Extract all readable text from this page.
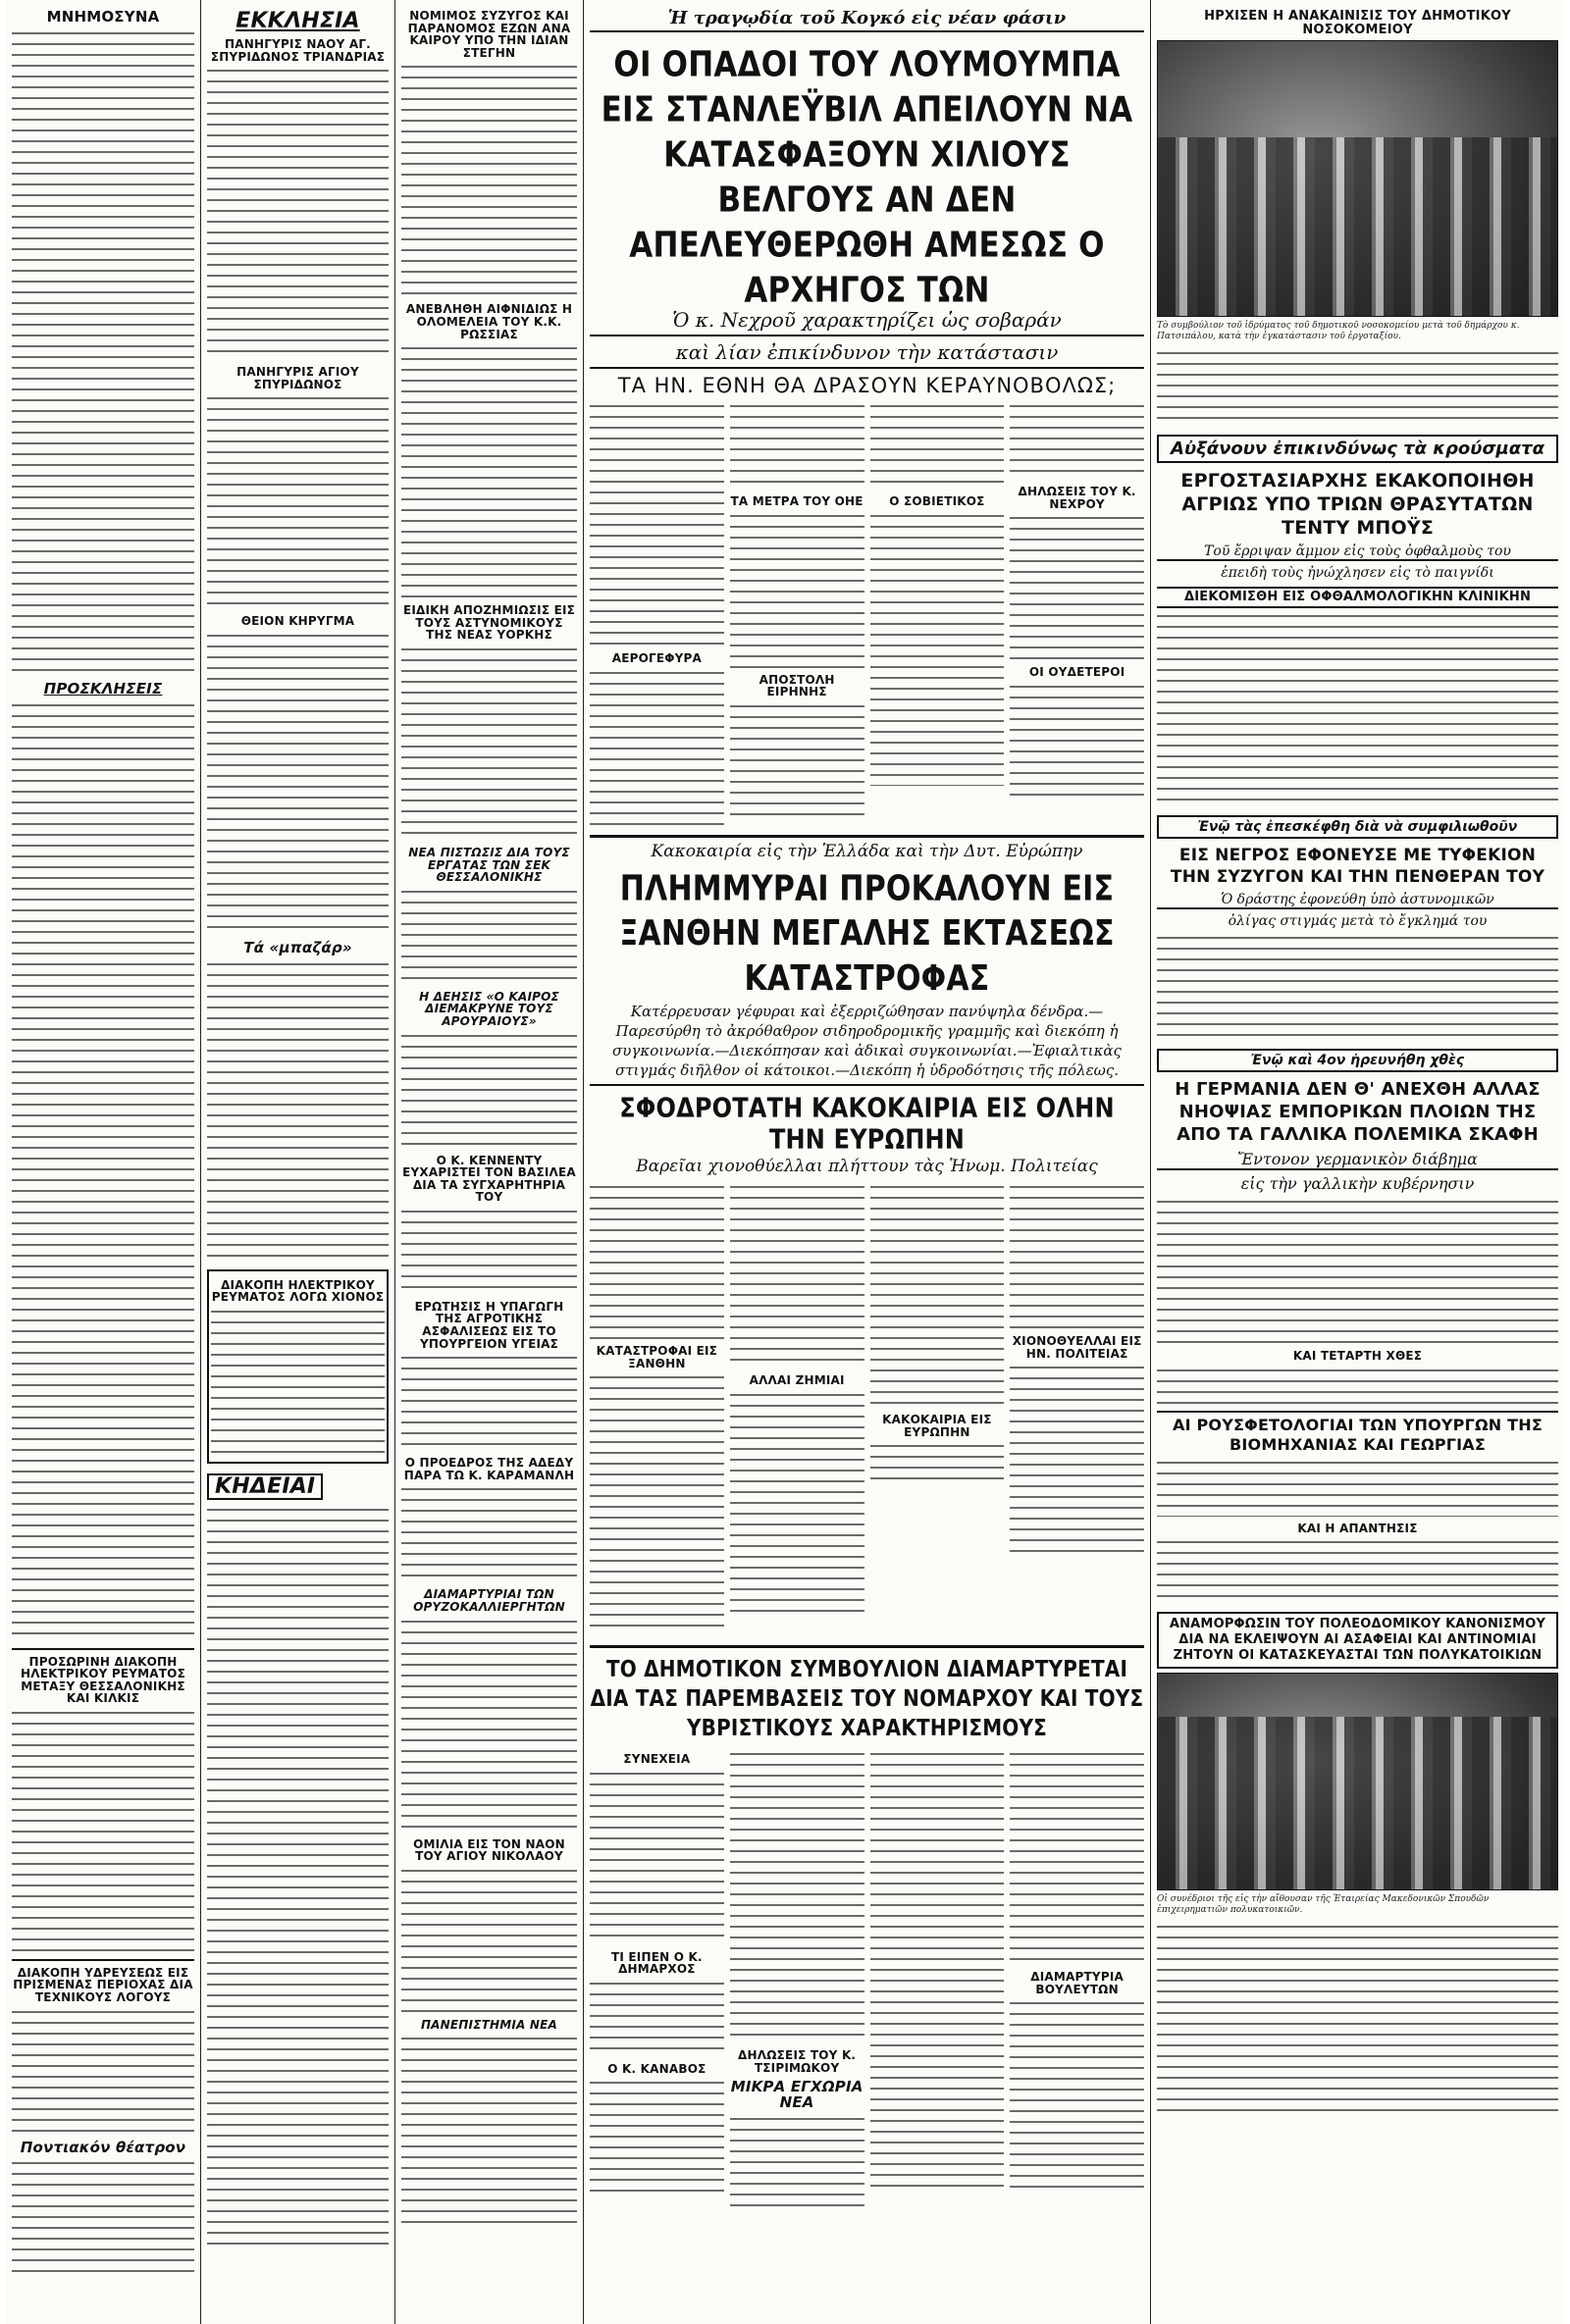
ΜΝΗΜΟΣΥΝΑ
ΠΡΟΣΚΛΗΣΕΙΣ
ΠΡΟΣΩΡΙΝΗ ΔΙΑΚΟΠΗ ΗΛΕΚΤΡΙΚΟΥ ΡΕΥΜΑΤΟΣ ΜΕΤΑΞΥ ΘΕΣΣΑΛΟΝΙΚΗΣ ΚΑΙ ΚΙΛΚΙΣ
ΔΙΑΚΟΠΗ ΥΔΡΕΥΣΕΩΣ ΕΙΣ ΠΡΙΣΜΕΝΑΣ ΠΕΡΙΟΧΑΣ ΔΙΑ ΤΕΧΝΙΚΟΥΣ ΛΟΓΟΥΣ
Ποντιακόν θέατρον
ΕΚΚΛΗΣΙΑ
ΠΑΝΗΓΥΡΙΣ ΝΑΟΥ ΑΓ. ΣΠΥΡΙΔΩΝΟΣ ΤΡΙΑΝΔΡΙΑΣ
ΠΑΝΗΓΥΡΙΣ ΑΓΙΟΥ ΣΠΥΡΙΔΩΝΟΣ
ΘΕΙΟΝ ΚΗΡΥΓΜΑ
Τά «μπαζάρ»
ΔΙΑΚΟΠΗ ΗΛΕΚΤΡΙΚΟΥ ΡΕΥΜΑΤΟΣ ΛΟΓΩ ΧΙΟΝΟΣ
ΚΗΔΕΙΑΙ
ΝΟΜΙΜΟΣ ΣΥΖΥΓΟΣ ΚΑΙ ΠΑΡΑΝΟΜΟΣ ΕΖΩΝ ΑΝΑ ΚΑΙΡΟΥ ΥΠΟ ΤΗΝ ΙΔΙΑΝ ΣΤΕΓΗΝ
ΑΝΕΒΛΗΘΗ ΑΙΦΝΙΔΙΩΣ Η ΟΛΟΜΕΛΕΙΑ ΤΟΥ Κ.Κ. ΡΩΣΣΙΑΣ
ΕΙΔΙΚΗ ΑΠΟΖΗΜΙΩΣΙΣ ΕΙΣ ΤΟΥΣ ΑΣΤΥΝΟΜΙΚΟΥΣ ΤΗΣ ΝΕΑΣ ΥΟΡΚΗΣ
ΝΕΑ ΠΙΣΤΩΣΙΣ ΔΙΑ ΤΟΥΣ ΕΡΓΑΤΑΣ ΤΩΝ ΣΕΚ ΘΕΣΣΑΛΟΝΙΚΗΣ
Η ΔΕΗΣΙΣ «Ο ΚΑΙΡΟΣ ΔΙΕΜΑΚΡΥΝΕ ΤΟΥΣ ΑΡΟΥΡΑΙΟΥΣ»
Ο Κ. ΚΕΝΝΕΝΤΥ ΕΥΧΑΡΙΣΤΕΙ ΤΟΝ ΒΑΣΙΛΕΑ ΔΙΑ ΤΑ ΣΥΓΧΑΡΗΤΗΡΙΑ ΤΟΥ
ΕΡΩΤΗΣΙΣ Η ΥΠΑΓΩΓΗ ΤΗΣ ΑΓΡΟΤΙΚΗΣ ΑΣΦΑΛΙΣΕΩΣ ΕΙΣ ΤΟ ΥΠΟΥΡΓΕΙΟΝ ΥΓΕΙΑΣ
Ο ΠΡΟΕΔΡΟΣ ΤΗΣ ΑΔΕΔΥ ΠΑΡΑ ΤΩ Κ. ΚΑΡΑΜΑΝΛΗ
ΔΙΑΜΑΡΤΥΡΙΑΙ ΤΩΝ ΟΡΥΖΟΚΑΛΛΙΕΡΓΗΤΩΝ
ΟΜΙΛΙΑ ΕΙΣ ΤΟΝ ΝΑΟΝ ΤΟΥ ΑΓΙΟΥ ΝΙΚΟΛΑΟΥ
ΠΑΝΕΠΙΣΤΗΜΙΑ ΝΕΑ
Ἡ τραγῳδία τοῦ Κογκό εἰς νέαν φάσιν
ΟΙ ΟΠΑΔΟΙ ΤΟΥ ΛΟΥΜΟΥΜΠΑ ΕΙΣ ΣΤΑΝΛΕΫΒΙΛ ΑΠΕΙΛΟΥΝ ΝΑ ΚΑΤΑΣΦΑΞΟΥΝ ΧΙΛΙΟΥΣ ΒΕΛΓΟΥΣ ΑΝ ΔΕΝ ΑΠΕΛΕΥΘΕΡΩΘΗ ΑΜΕΣΩΣ Ο ΑΡΧΗΓΟΣ ΤΩΝ
Ὁ κ. Νεχροῦ χαρακτηρίζει ὡς σοβαράν
καὶ λίαν ἐπικίνδυνον τὴν κατάστασιν
ΤΑ ΗΝ. ΕΘΝΗ ΘΑ ΔΡΑΣΟΥΝ ΚΕΡΑΥΝΟΒΟΛΩΣ;
ΑΕΡΟΓΕΦΥΡΑ
ΤΑ ΜΕΤΡΑ ΤΟΥ ΟΗΕ
ΑΠΟΣΤΟΛΗ ΕΙΡΗΝΗΣ
Ο ΣΟΒΙΕΤΙΚΟΣ
ΔΗΛΩΣΕΙΣ ΤΟΥ Κ. ΝΕΧΡΟΥ
ΟΙ ΟΥΔΕΤΕΡΟΙ
Κακοκαιρία εἰς τὴν Ἑλλάδα καὶ τὴν Δυτ. Εὐρώπην
ΠΛΗΜΜΥΡΑΙ ΠΡΟΚΑΛΟΥΝ ΕΙΣ ΞΑΝΘΗΝ ΜΕΓΑΛΗΣ ΕΚΤΑΣΕΩΣ ΚΑΤΑΣΤΡΟΦΑΣ
Κατέρρευσαν γέφυραι καὶ ἐξερριζώθησαν πανύψηλα δένδρα.—Παρεσύρθη τὸ ἀκρόθαθρον σιδηροδρομικῆς γραμμῆς καὶ διεκόπη ἡ συγκοινωνία.—Διεκόπησαν καὶ ἀδικαὶ συγκοινωνίαι.—Ἐφιαλτικὰς στιγμάς διῆλθον οἱ κάτοικοι.—Διεκόπη ἡ ὑδροδότησις τῆς πόλεως.
ΣΦΟΔΡΟΤΑΤΗ ΚΑΚΟΚΑΙΡΙΑ ΕΙΣ ΟΛΗΝ ΤΗΝ ΕΥΡΩΠΗΝ
Βαρεῖαι χιονοθύελλαι πλήττουν τὰς Ἡνωμ. Πολιτείας
ΚΑΤΑΣΤΡΟΦΑΙ ΕΙΣ ΞΑΝΘΗΝ
ΑΛΛΑΙ ΖΗΜΙΑΙ
ΚΑΚΟΚΑΙΡΙΑ ΕΙΣ ΕΥΡΩΠΗΝ
ΧΙΟΝΟΘΥΕΛΛΑΙ ΕΙΣ ΗΝ. ΠΟΛΙΤΕΙΑΣ
ΤΟ ΔΗΜΟΤΙΚΟΝ ΣΥΜΒΟΥΛΙΟΝ ΔΙΑΜΑΡΤΥΡΕΤΑΙ ΔΙΑ ΤΑΣ ΠΑΡΕΜΒΑΣΕΙΣ ΤΟΥ ΝΟΜΑΡΧΟΥ ΚΑΙ ΤΟΥΣ ΥΒΡΙΣΤΙΚΟΥΣ ΧΑΡΑΚΤΗΡΙΣΜΟΥΣ
ΣΥΝΕΧΕΙΑ
ΤΙ ΕΙΠΕΝ Ο Κ. ΔΗΜΑΡΧΟΣ
Ο Κ. ΚΑΝΑΒΟΣ
ΔΗΛΩΣΕΙΣ ΤΟΥ Κ. ΤΣΙΡΙΜΩΚΟΥ
ΜΙΚΡΑ ΕΓΧΩΡΙΑ ΝΕΑ
ΔΙΑΜΑΡΤΥΡΙΑ ΒΟΥΛΕΥΤΩΝ
ΗΡΧΙΣΕΝ Η ΑΝΑΚΑΙΝΙΣΙΣ ΤΟΥ ΔΗΜΟΤΙΚΟΥ ΝΟΣΟΚΟΜΕΙΟΥ
Τὸ συμβούλιον τοῦ ἱδρύματος τοῦ δημοτικοῦ νοσοκομείου μετὰ τοῦ δημάρχου κ. Πατσιπάλου, κατὰ τὴν ἐγκατάστασιν τοῦ ἐργοταξίου.
Αὐξάνουν ἐπικινδύνως τὰ κρούσματα
ΕΡΓΟΣΤΑΣΙΑΡΧΗΣ ΕΚΑΚΟΠΟΙΗΘΗ ΑΓΡΙΩΣ ΥΠΟ ΤΡΙΩΝ ΘΡΑΣΥΤΑΤΩΝ ΤΕΝΤΥ ΜΠΟΫΣ
Τοῦ ἔρριψαν ἄμμον εἰς τοὺς ὀφθαλμοὺς του
ἐπειδὴ τοὺς ἠνώχλησεν εἰς τὸ παιγνίδι
ΔΙΕΚΟΜΙΣΘΗ ΕΙΣ ΟΦΘΑΛΜΟΛΟΓΙΚΗΝ ΚΛΙΝΙΚΗΝ
Ἐνῷ τὰς ἐπεσκέφθη διὰ νὰ συμφιλιωθοῦν
ΕΙΣ ΝΕΓΡΟΣ ΕΦΟΝΕΥΣΕ ΜΕ ΤΥΦΕΚΙΟΝ ΤΗΝ ΣΥΖΥΓΟΝ ΚΑΙ ΤΗΝ ΠΕΝΘΕΡΑΝ ΤΟΥ
Ὁ δράστης ἐφονεύθη ὑπὸ ἀστυνομικῶν
ὀλίγας στιγμάς μετὰ τὸ ἔγκλημά του
Ἐνῷ καὶ 4ον ἠρευνήθη χθὲς
Η ΓΕΡΜΑΝΙΑ ΔΕΝ Θ' ΑΝΕΧΘΗ ΑΛΛΑΣ ΝΗΟΨΙΑΣ ΕΜΠΟΡΙΚΩΝ ΠΛΟΙΩΝ ΤΗΣ ΑΠΟ ΤΑ ΓΑΛΛΙΚΑ ΠΟΛΕΜΙΚΑ ΣΚΑΦΗ
Ἔντονον γερμανικὸν διάβημα
εἰς τὴν γαλλικὴν κυβέρνησιν
ΚΑΙ ΤΕΤΑΡΤΗ ΧΘΕΣ
ΑΙ ΡΟΥΣΦΕΤΟΛΟΓΙΑΙ ΤΩΝ ΥΠΟΥΡΓΩΝ ΤΗΣ ΒΙΟΜΗΧΑΝΙΑΣ ΚΑΙ ΓΕΩΡΓΙΑΣ
ΚΑΙ Η ΑΠΑΝΤΗΣΙΣ
ΑΝΑΜΟΡΦΩΣΙΝ ΤΟΥ ΠΟΛΕΟΔΟΜΙΚΟΥ ΚΑΝΟΝΙΣΜΟΥ ΔΙΑ ΝΑ ΕΚΛΕΙΨΟΥΝ ΑΙ ΑΣΑΦΕΙΑΙ ΚΑΙ ΑΝΤΙΝΟΜΙΑΙ ΖΗΤΟΥΝ ΟΙ ΚΑΤΑΣΚΕΥΑΣΤΑΙ ΤΩΝ ΠΟΛΥΚΑΤΟΙΚΙΩΝ
Οἱ συνέδριοι τῆς εἰς τὴν αἴθουσαν τῆς Ἑταιρείας Μακεδονικῶν Σπουδῶν ἐπιχειρηματιῶν πολυκατοικιῶν.
